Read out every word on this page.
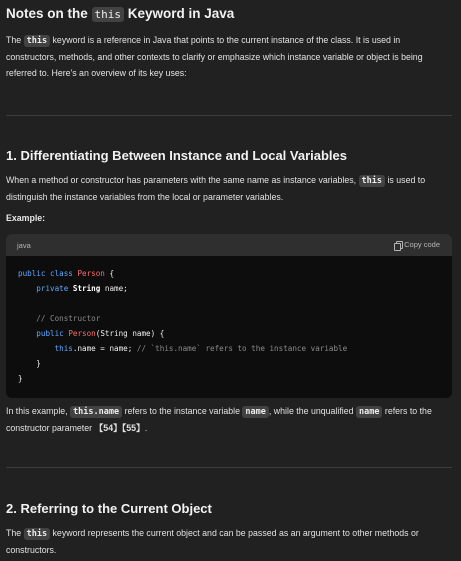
Notes on the this Keyword in Java

The this keyword is a reference in Java that points to the current instance of the class. It is used in constructors, methods, and other contexts to clarify or emphasize which instance variable or object is being referred to. Here's an overview of its key uses:

1. Differentiating Between Instance and Local Variables

When a method or constructor has parameters with the same name as instance variables, this is used to distinguish the instance variables from the local or parameter variables.

Example:
java	Copy code
public class Person {
private String name;

// Constructor
public Person(String name) {
this.name = name; // `this.name` refers to the instance variable
}
}

In this example, this.name refers to the instance variable name , while the unqualified name refers to the constructor parameter 【54】【55】.

2. Referring to the Current Object

The this keyword represents the current object and can be passed as an argument to other methods or constructors.
